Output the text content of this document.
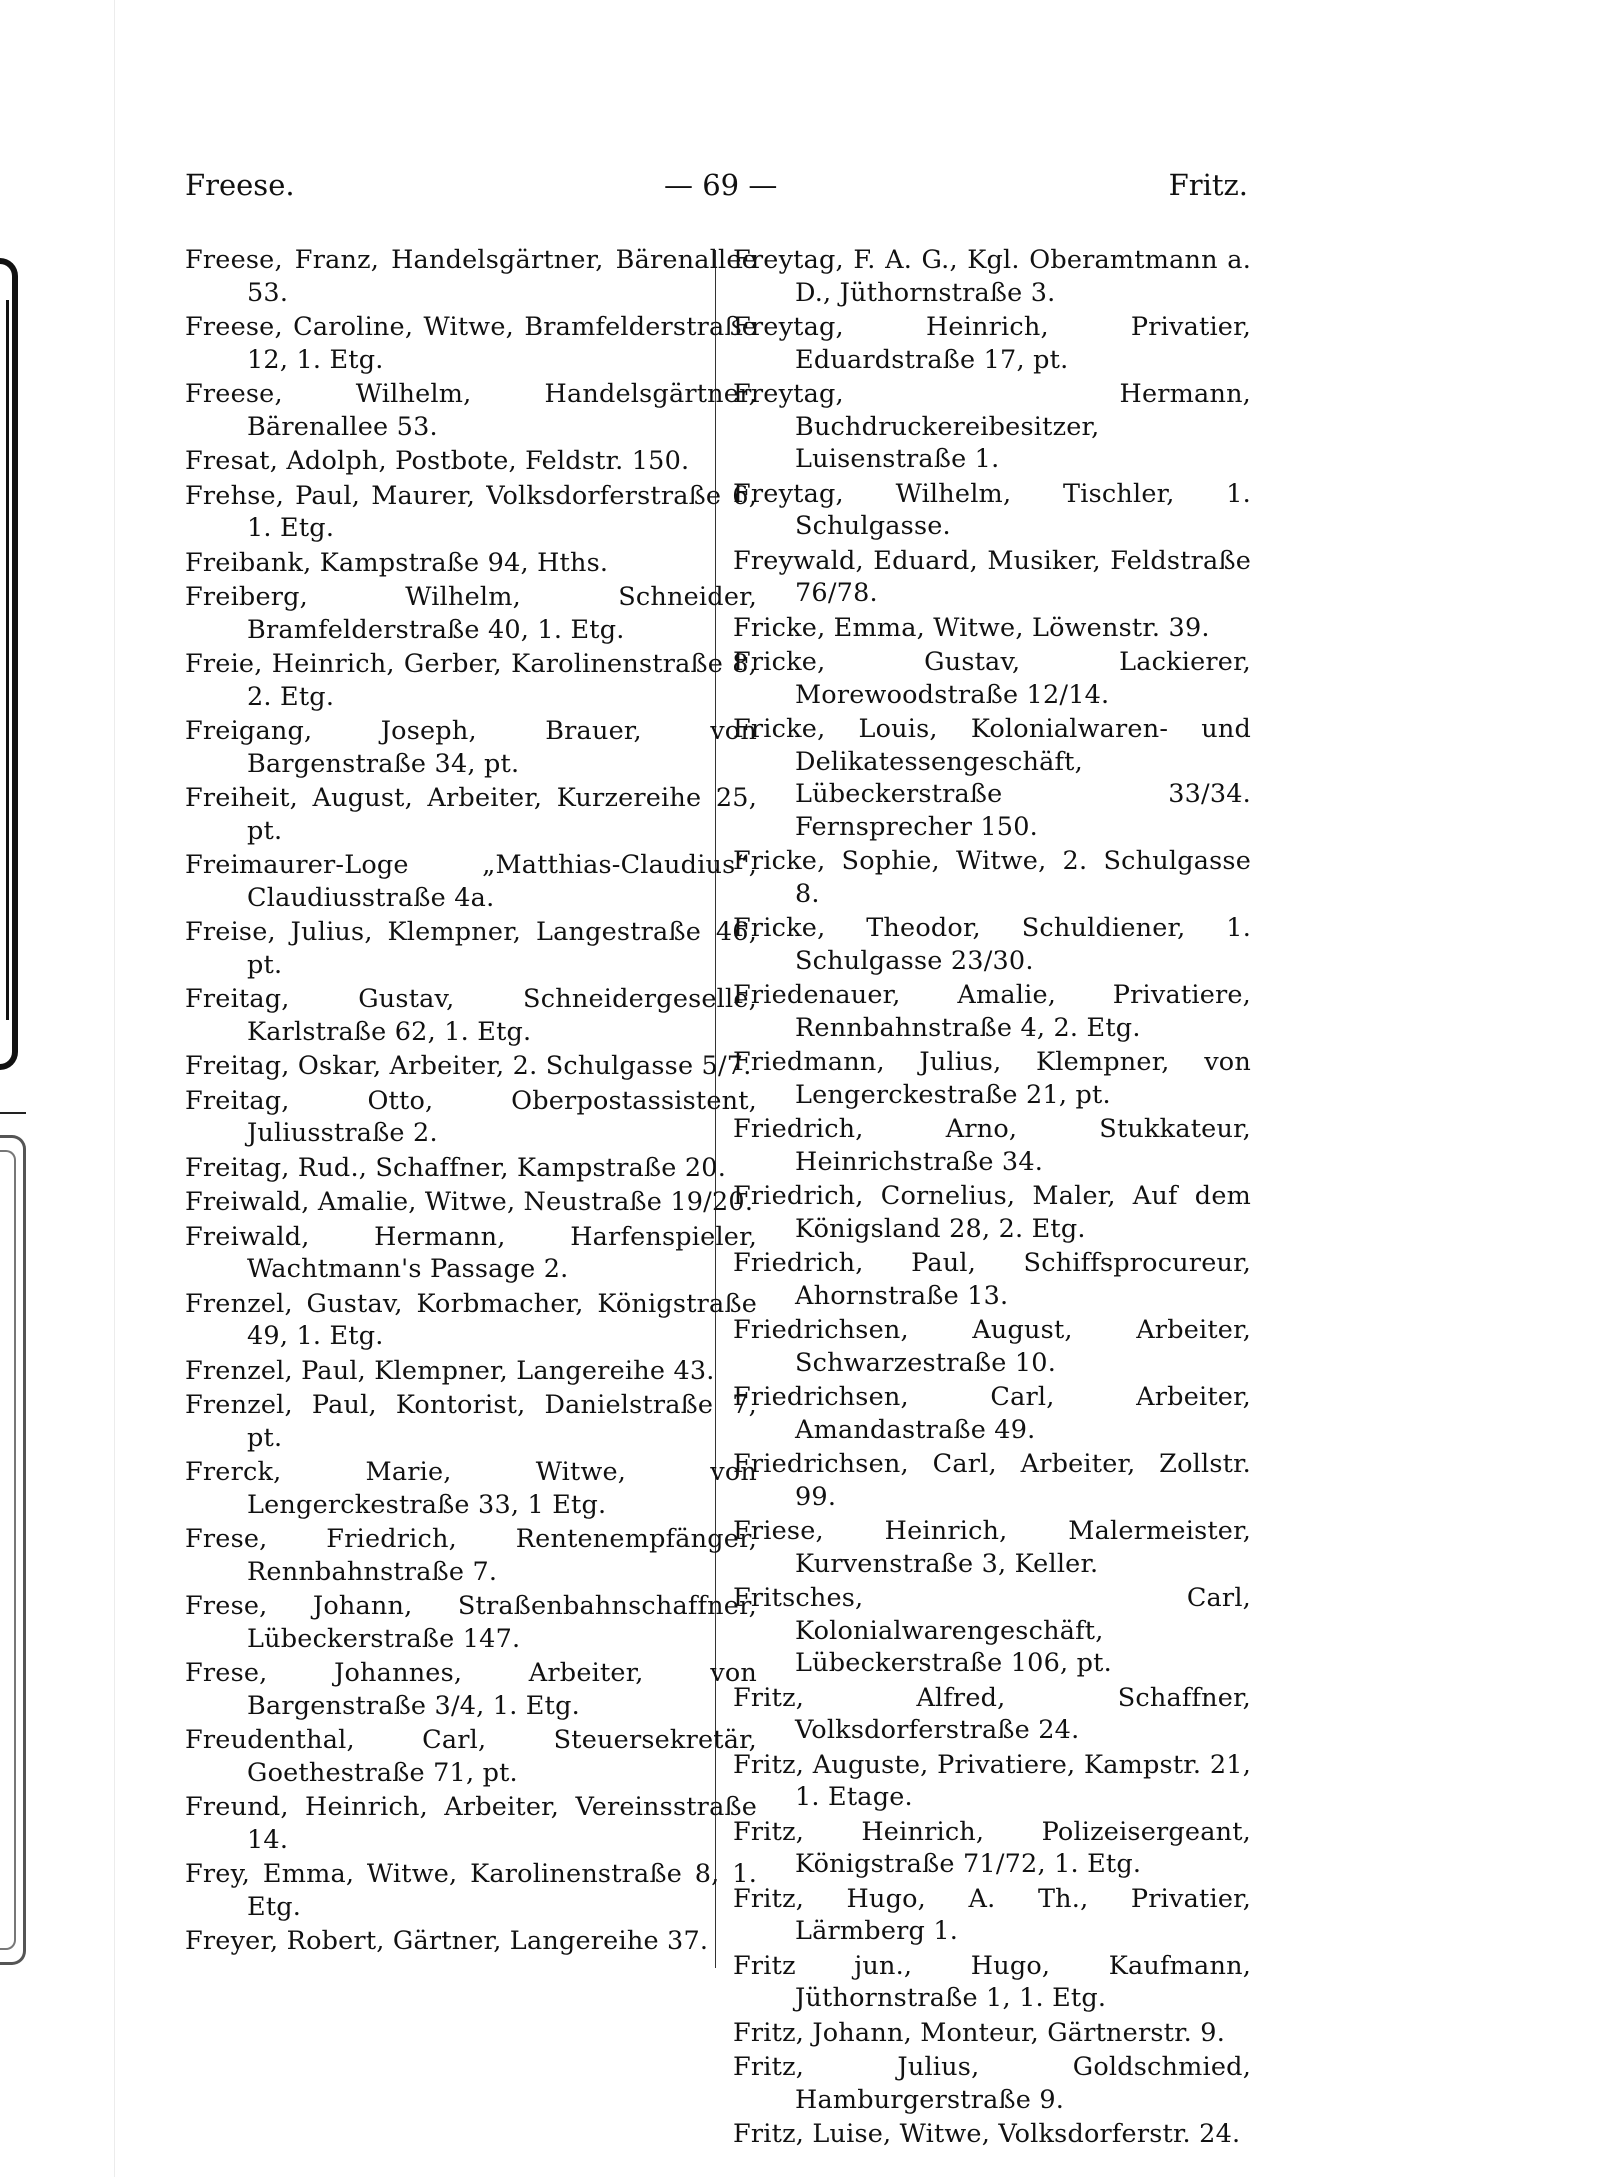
Freese.	— 69 —	Fritz.

Freese, Franz, Handelsgärtner, Bärenallee 53.

Freese, Caroline, Witwe, Bramfelderstraße 12, 1. Etg.

Freese, Wilhelm, Handelsgärtner, Bärenallee 53.

Fresat, Adolph, Postbote, Feldstr. 150.

Frehse, Paul, Maurer, Volksdorferstraße 6, 1. Etg.

Freibank, Kampstraße 94, Hths.

Freiberg, Wilhelm, Schneider, Bramfelderstraße 40, 1. Etg.

Freie, Heinrich, Gerber, Karolinenstraße 8, 2. Etg.

Freigang, Joseph, Brauer, von Bargenstraße 34, pt.

Freiheit, August, Arbeiter, Kurzereihe 25, pt.

Freimaurer-Loge „Matthias-Claudius“, Claudiusstraße 4a.

Freise, Julius, Klempner, Langestraße 46, pt.

Freitag, Gustav, Schneidergeselle, Karlstraße 62, 1. Etg.

Freitag, Oskar, Arbeiter, 2. Schulgasse 5/7.

Freitag, Otto, Oberpostassistent, Juliusstraße 2.

Freitag, Rud., Schaffner, Kampstraße 20.

Freiwald, Amalie, Witwe, Neustraße 19/20.

Freiwald, Hermann, Harfenspieler, Wachtmann's Passage 2.

Frenzel, Gustav, Korbmacher, Königstraße 49, 1. Etg.

Frenzel, Paul, Klempner, Langereihe 43.

Frenzel, Paul, Kontorist, Danielstraße 7, pt.

Frerck, Marie, Witwe, von Lengerckestraße 33, 1 Etg.

Frese, Friedrich, Rentenempfänger, Rennbahnstraße 7.

Frese, Johann, Straßenbahnschaffner, Lübeckerstraße 147.

Frese, Johannes, Arbeiter, von Bargenstraße 3/4, 1. Etg.

Freudenthal, Carl, Steuersekretär, Goethestraße 71, pt.

Freund, Heinrich, Arbeiter, Vereinsstraße 14.

Frey, Emma, Witwe, Karolinenstraße 8, 1. Etg.

Freyer, Robert, Gärtner, Langereihe 37.

Freytag, F. A. G., Kgl. Oberamtmann a. D., Jüthornstraße 3.

Freytag, Heinrich, Privatier, Eduardstraße 17, pt.

Freytag, Hermann, Buchdruckereibesitzer, Luisenstraße 1.

Freytag, Wilhelm, Tischler, 1. Schulgasse.

Freywald, Eduard, Musiker, Feldstraße 76/78.

Fricke, Emma, Witwe, Löwenstr. 39.

Fricke, Gustav, Lackierer, Morewoodstraße 12/14.

Fricke, Louis, Kolonialwaren- und Delikatessengeschäft, Lübeckerstraße 33/34. Fernsprecher 150.

Fricke, Sophie, Witwe, 2. Schulgasse 8.

Fricke, Theodor, Schuldiener, 1. Schulgasse 23/30.

Friedenauer, Amalie, Privatiere, Rennbahnstraße 4, 2. Etg.

Friedmann, Julius, Klempner, von Lengerckestraße 21, pt.

Friedrich, Arno, Stukkateur, Heinrichstraße 34.

Friedrich, Cornelius, Maler, Auf dem Königsland 28, 2. Etg.

Friedrich, Paul, Schiffsprocureur, Ahornstraße 13.

Friedrichsen, August, Arbeiter, Schwarzestraße 10.

Friedrichsen, Carl, Arbeiter, Amandastraße 49.

Friedrichsen, Carl, Arbeiter, Zollstr. 99.

Friese, Heinrich, Malermeister, Kurvenstraße 3, Keller.

Fritsches, Carl, Kolonialwarengeschäft, Lübeckerstraße 106, pt.

Fritz, Alfred, Schaffner, Volksdorferstraße 24.

Fritz, Auguste, Privatiere, Kampstr. 21, 1. Etage.

Fritz, Heinrich, Polizeisergeant, Königstraße 71/72, 1. Etg.

Fritz, Hugo, A. Th., Privatier, Lärmberg 1.

Fritz jun., Hugo, Kaufmann, Jüthornstraße 1, 1. Etg.

Fritz, Johann, Monteur, Gärtnerstr. 9.

Fritz, Julius, Goldschmied, Hamburgerstraße 9.

Fritz, Luise, Witwe, Volksdorferstr. 24.
